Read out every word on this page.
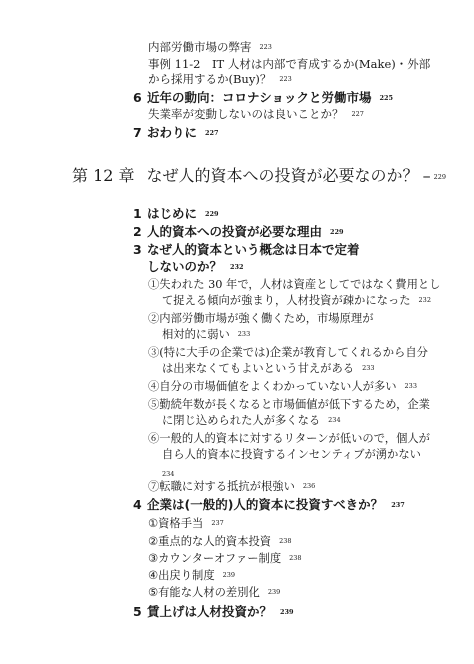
内部労働市場の弊害 223
事例 11-2　IT 人材は内部で育成するか(Make)・外部
から採用するか(Buy)？ 223
6 近年の動向：コロナショックと労働市場 225
失業率が変動しないのは良いことか？ 227
7 おわりに 227
第 12 章 なぜ人的資本への投資が必要なのか？ – 229
1 はじめに 229
2 人的資本への投資が必要な理由 229
3 なぜ人的資本という概念は日本で定着
しないのか？ 232
①失われた 30 年で，人材は資産としてではなく費用とし
て捉える傾向が強まり，人材投資が疎かになった 232
②内部労働市場が強く働くため，市場原理が
相対的に弱い 233
③(特に大手の企業では)企業が教育してくれるから自分
は出来なくてもよいという甘えがある 233
④自分の市場価値をよくわかっていない人が多い 233
⑤勤続年数が長くなると市場価値が低下するため，企業
に閉じ込められた人が多くなる 234
⑥一般的人的資本に対するリターンが低いので，個人が
自ら人的資本に投資するインセンティブが湧かない
234
⑦転職に対する抵抗が根強い 236
4 企業は(一般的)人的資本に投資すべきか？ 237
①資格手当 237
②重点的な人的資本投資 238
③カウンターオファー制度 238
④出戻り制度 239
⑤有能な人材の差別化 239
5 賃上げは人材投資か？ 239
